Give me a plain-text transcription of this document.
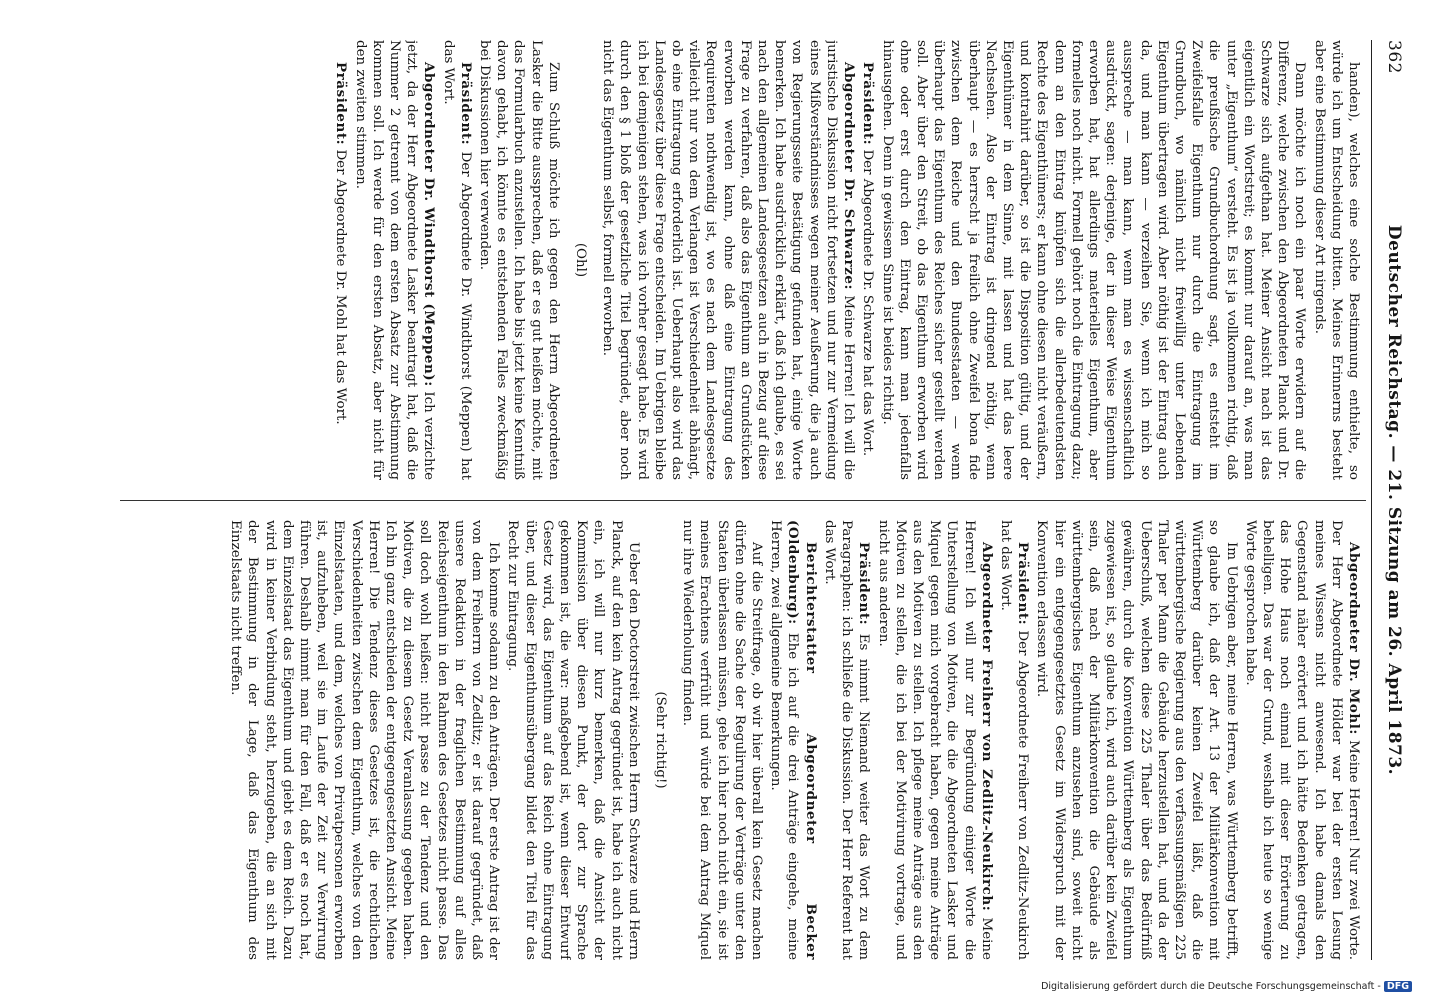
362
Deutscher Reichstag. — 21. Sitzung am 26. April 1873.

handen), welches eine solche Bestimmung enthielte, so würde ich um Entscheidung bitten. Meines Erinnerns besteht aber eine Bestimmung dieser Art nirgends.

Dann möchte ich noch ein paar Worte erwidern auf die Differenz, welche zwischen den Abgeordneten Planck und Dr. Schwarze sich aufgethan hat. Meiner Ansicht nach ist das eigentlich ein Wortstreit; es kommt nur darauf an, was man unter „Eigenthum“ versteht. Es ist ja vollkommen richtig, daß die preußische Grundbuchordnung sagt, es entsteht im Zweifelsfalle Eigenthum nur durch die Eintragung im Grundbuch, wo nämlich nicht freiwillig unter Lebenden Eigenthum übertragen wird. Aber nöthig ist der Eintrag auch da, und man kann — verzeihen Sie, wenn ich mich so ausspreche — man kann, wenn man es wissenschaftlich ausdrückt, sagen: derjenige, der in dieser Weise Eigenthum erworben hat, hat allerdings materielles Eigenthum, aber formelles noch nicht. Formell gehört noch die Eintragung dazu; denn an den Eintrag knüpfen sich die allerbedeutendsten Rechte des Eigenthümers; er kann ohne diesen nicht veräußern, und kontrahirt darüber, so ist die Disposition gültig, und der Eigenthümer in dem Sinne, mit lassen und hat das leere Nachsehen. Also der Eintrag ist dringend nöthig, wenn überhaupt — es herrscht ja freilich ohne Zweifel bona fide zwischen dem Reiche und den Bundesstaaten — wenn überhaupt das Eigenthum des Reiches sicher gestellt werden soll. Aber über den Streit, ob das Eigenthum erworben wird ohne oder erst durch den Eintrag, kann man jedenfalls hinausgehen. Denn in gewissem Sinne ist beides richtig.

Präsident: Der Abgeordnete Dr. Schwarze hat das Wort.

Abgeordneter Dr. Schwarze: Meine Herren! Ich will die juristische Diskussion nicht fortsetzen und nur zur Vermeidung eines Mißverständnisses wegen meiner Aeußerung, die ja auch von Regierungsseite Bestätigung gefunden hat, einige Worte bemerken. Ich habe ausdrücklich erklärt, daß ich glaube, es sei nach den allgemeinen Landesgesetzen auch in Bezug auf diese Frage zu verfahren, daß also das Eigenthum an Grundstücken erworben werden kann, ohne daß eine Eintragung des Requirenten nothwendig ist, wo es nach dem Landesgesetze vielleicht nur von dem Verlangen ist Verschiedenheit abhängt, ob eine Eintragung erforderlich ist. Ueberhaupt also wird das Landesgesetz über diese Frage entscheiden. Im Uebrigen bleibe ich bei demjenigen stehen, was ich vorher gesagt habe. Es wird durch den § 1 bloß der gesetzliche Titel begründet, aber noch nicht das Eigenthum selbst, formell erworben.

(Ohl)

Zum Schluß möchte ich gegen den Herrn Abgeordneten Lasker die Bitte aussprechen, daß er es gut heißen möchte, mit das Formularbuch anzustellen. Ich habe bis jetzt keine Kenntniß davon gehabt, ich könnte es entstehenden Falles zweckmäßig bei Diskussionen hier verwenden.

Präsident: Der Abgeordnete Dr. Windthorst (Meppen) hat das Wort.

Abgeordneter Dr. Windthorst (Meppen): Ich verzichte jetzt, da der Herr Abgeordnete Lasker beantragt hat, daß die Nummer 2 getrennt von dem ersten Absatz zur Abstimmung kommen soll. Ich werde für den ersten Absatz, aber nicht für den zweiten stimmen.

Präsident: Der Abgeordnete Dr. Mohl hat das Wort.

Abgeordneter Dr. Mohl: Meine Herren! Nur zwei Worte. Der Herr Abgeordnete Hölder war bei der ersten Lesung meines Wissens nicht anwesend. Ich habe damals den Gegenstand näher erörtert und ich hätte Bedenken getragen, das Hohe Haus noch einmal mit dieser Erörterung zu behelligen. Das war der Grund, weshalb ich heute so wenige Worte gesprochen habe.

Im Uebrigen aber, meine Herren, was Württemberg betrifft, so glaube ich, daß der Art. 13 der Militärkonvention mit Württemberg darüber keinen Zweifel läßt, daß die württembergische Regierung aus den verfassungsmäßigen 225 Thaler per Mann die Gebäude herzustellen hat, und da der Ueberschuß, welchen diese 225 Thaler über das Bedürfniß gewähren, durch die Konvention Württemberg als Eigenthum zugewiesen ist, so glaube ich, wird auch darüber kein Zweifel sein, daß nach der Militärkonvention die Gebäude als württembergisches Eigenthum anzusehen sind, soweit nicht hier ein entgegengesetztes Gesetz im Widerspruch mit der Konvention erlassen wird.

Präsident: Der Abgeordnete Freiherr von Zedlitz-Neukirch hat das Wort.

Abgeordneter Freiherr von Zedlitz-Neukirch: Meine Herren! Ich will nur zur Begründung einiger Worte die Unterstellung von Motiven, die die Abgeordneten Lasker und Miquel gegen mich vorgebracht haben, gegen meine Anträge aus den Motiven zu stellen. Ich pflege meine Anträge aus den Motiven zu stellen, die ich bei der Motivirung vortrage, und nicht aus anderen.

Präsident: Es nimmt Niemand weiter das Wort zu dem Paragraphen: ich schließe die Diskussion. Der Herr Referent hat das Wort.

Berichterstatter Abgeordneter Becker (Oldenburg): Ehe ich auf die drei Anträge eingehe, meine Herren, zwei allgemeine Bemerkungen.

Auf die Streitfrage, ob wir hier überall kein Gesetz machen dürfen ohne die Sache der Regulirung der Verträge unter den Staaten überlassen müssen, gehe ich hier noch nicht ein, sie ist meines Erachtens verfrüht und würde bei dem Antrag Miquel nur ihre Wiederholung finden.

(Sehr richtig!)

Ueber den Doctorstreit zwischen Herrn Schwarze und Herrn Planck, auf den kein Antrag gegründet ist, habe ich auch nicht ein, ich will nur kurz bemerken, daß die Ansicht der Kommission über diesen Punkt, der dort zur Sprache gekommen ist, die war: maßgebend ist, wenn dieser Entwurf Gesetz wird, das Eigenthum auf das Reich ohne Eintragung über, und dieser Eigenthumsübergang bildet den Titel für das Recht zur Eintragung.

Ich komme sodann zu den Anträgen. Der erste Antrag ist der von dem Freiherrn von Zedlitz; er ist darauf gegründet, daß unsere Redaktion in der fraglichen Bestimmung auf alles Reichseigenthum in den Rahmen des Gesetzes nicht passe. Das soll doch wohl heißen: nicht passe zu der Tendenz und den Motiven, die zu diesem Gesetz Veranlassung gegeben haben. Ich bin ganz entschieden der entgegengesetzten Ansicht. Meine Herren! Die Tendenz dieses Gesetzes ist, die rechtlichen Verschiedenheiten zwischen dem Eigenthum, welches von den Einzelstaaten, und dem, welches von Privatpersonen erworben ist, aufzuheben, weil sie im Laufe der Zeit zur Verwirrung führen. Deshalb nimmt man für den Fall, daß er es noch hat, dem Einzelstaat das Eigenthum und giebt es dem Reich. Dazu wird in keiner Verbindung steht, herzugeben, die an sich mit der Bestimmung in der Lage, daß das Eigenthum des Einzelstaats nicht treffen.

Digitalisierung gefördert durch die Deutsche Forschungsgemeinschaft - DFG
